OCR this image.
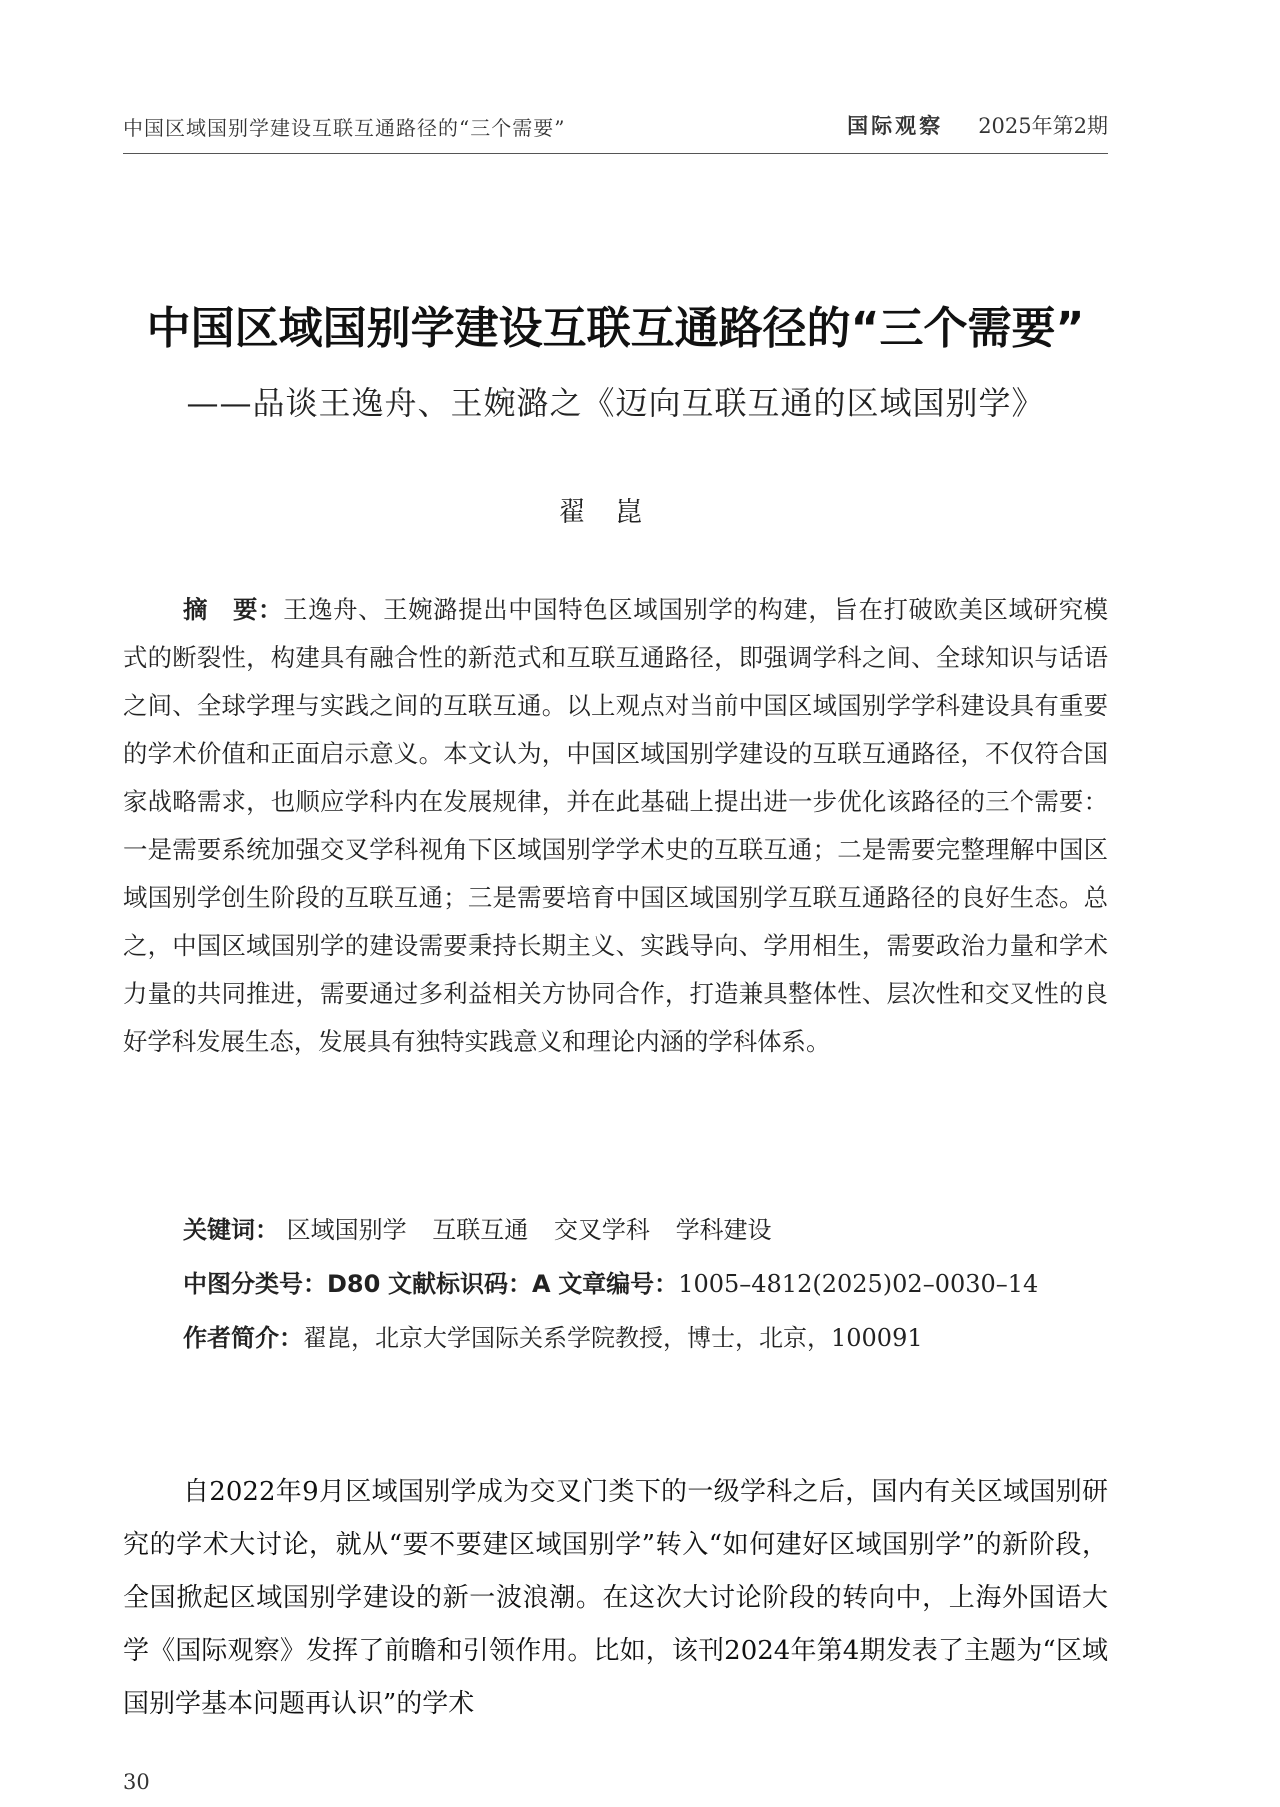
中国区域国别学建设互联互通路径的“三个需要”	国际观察 2025年第2期
中国区域国别学建设互联互通路径的“三个需要”
——品谈王逸舟、王婉潞之《迈向互联互通的区域国别学》
翟崑
摘　要：王逸舟、王婉潞提出中国特色区域国别学的构建，旨在打破欧美区域研究模式的断裂性，构建具有融合性的新范式和互联互通路径，即强调学科之间、全球知识与话语之间、全球学理与实践之间的互联互通。以上观点对当前中国区域国别学学科建设具有重要的学术价值和正面启示意义。本文认为，中国区域国别学建设的互联互通路径，不仅符合国家战略需求，也顺应学科内在发展规律，并在此基础上提出进一步优化该路径的三个需要：一是需要系统加强交叉学科视角下区域国别学学术史的互联互通；二是需要完整理解中国区域国别学创生阶段的互联互通；三是需要培育中国区域国别学互联互通路径的良好生态。总之，中国区域国别学的建设需要秉持长期主义、实践导向、学用相生，需要政治力量和学术力量的共同推进，需要通过多利益相关方协同合作，打造兼具整体性、层次性和交叉性的良好学科发展生态，发展具有独特实践意义和理论内涵的学科体系。
关键词： 区域国别学 互联互通 交叉学科 学科建设
中图分类号：D80 文献标识码：A 文章编号：1005–4812(2025)02–0030–14
作者简介：翟崑，北京大学国际关系学院教授，博士，北京，100091
自2022年9月区域国别学成为交叉门类下的一级学科之后，国内有关区域国别研究的学术大讨论，就从“要不要建区域国别学”转入“如何建好区域国别学”的新阶段，全国掀起区域国别学建设的新一波浪潮。在这次大讨论阶段的转向中，上海外国语大学《国际观察》发挥了前瞻和引领作用。比如，该刊2024年第4期发表了主题为“区域国别学基本问题再认识”的学术
30
